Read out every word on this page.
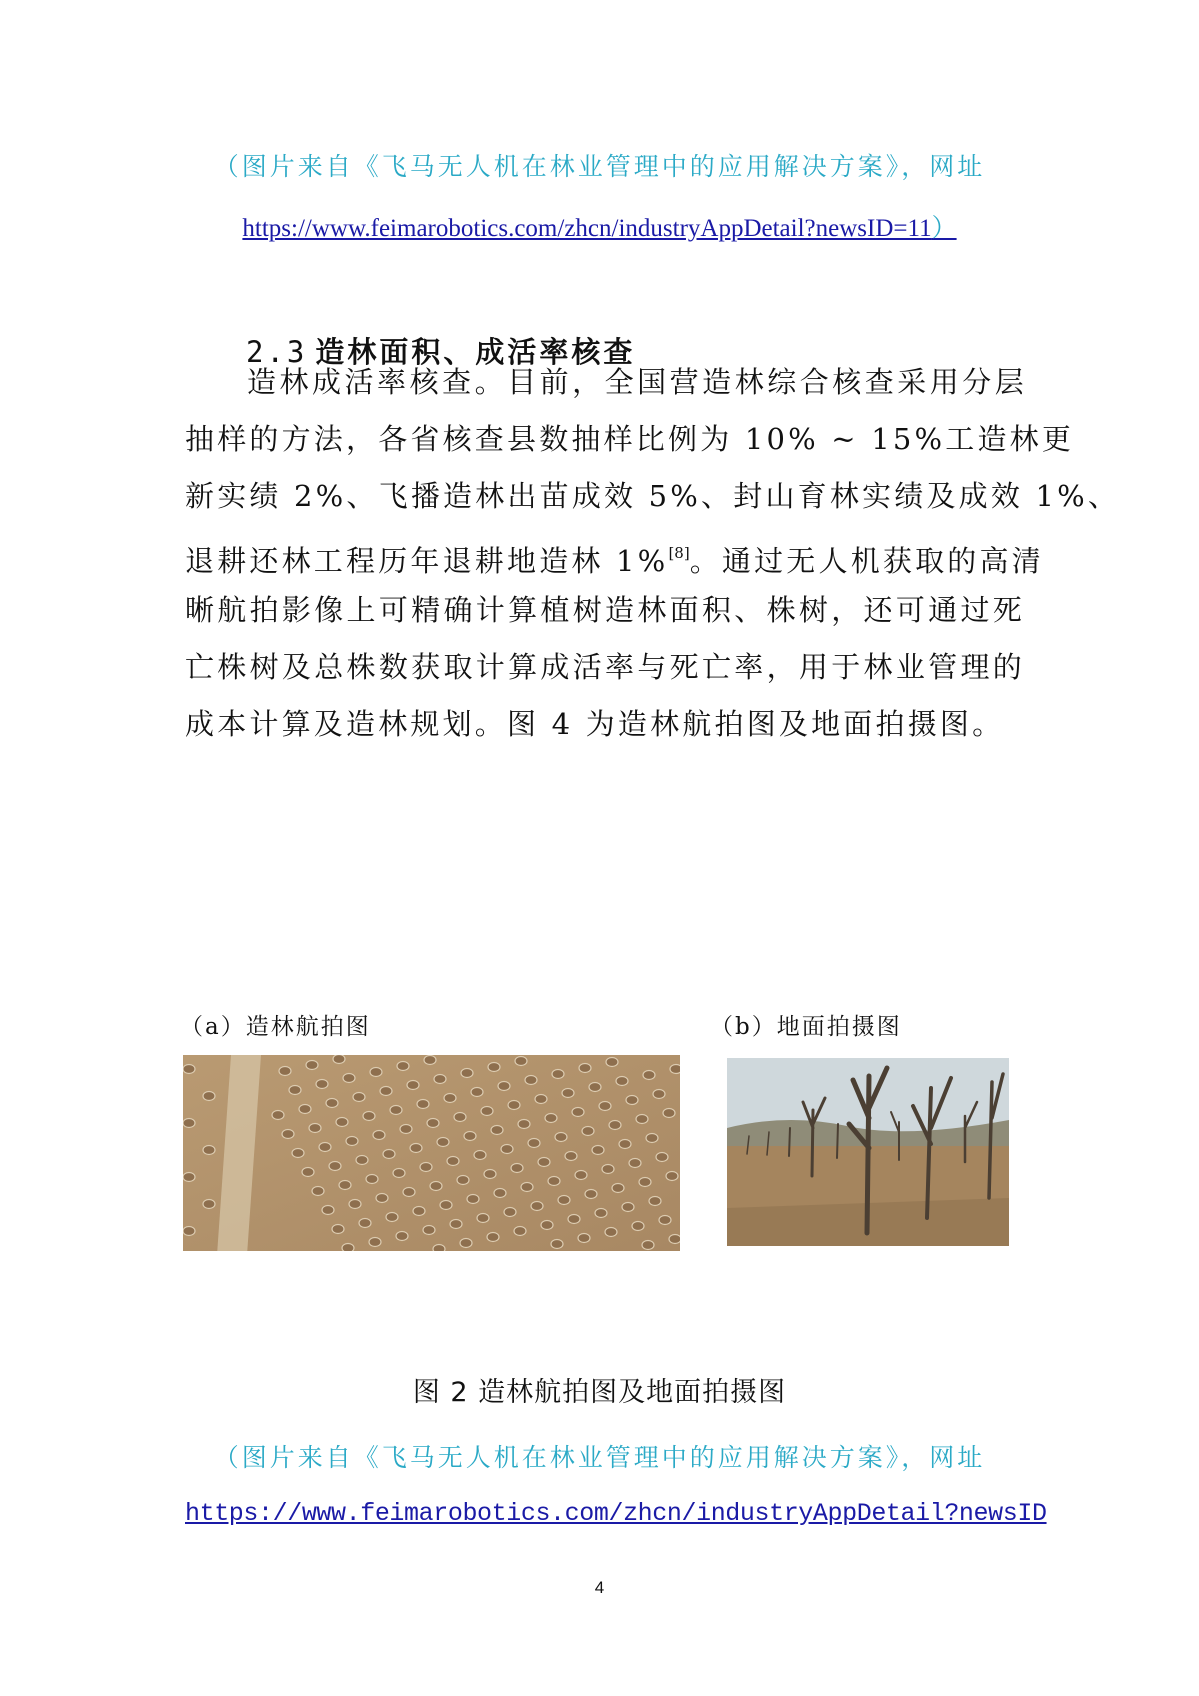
（图片来自《飞马无人机在林业管理中的应用解决方案》，网址
https://www.feimarobotics.com/zhcn/industryAppDetail?newsID=11）
2.3 造林面积、成活率核查
造林成活率核查。目前，全国营造林综合核查采用分层
抽样的方法，各省核查县数抽样比例为 10% ~ 15%工造林更
新实绩 2%、飞播造林出苗成效 5%、封山育林实绩及成效 1%、
退耕还林工程历年退耕地造林 1%[8]。通过无人机获取的高清
晰航拍影像上可精确计算植树造林面积、株树，还可通过死
亡株树及总株数获取计算成活率与死亡率，用于林业管理的
成本计算及造林规划。图 4 为造林航拍图及地面拍摄图。
（a）造林航拍图	（b）地面拍摄图
图 2 造林航拍图及地面拍摄图
（图片来自《飞马无人机在林业管理中的应用解决方案》，网址
https://www.feimarobotics.com/zhcn/industryAppDetail?newsID
4
